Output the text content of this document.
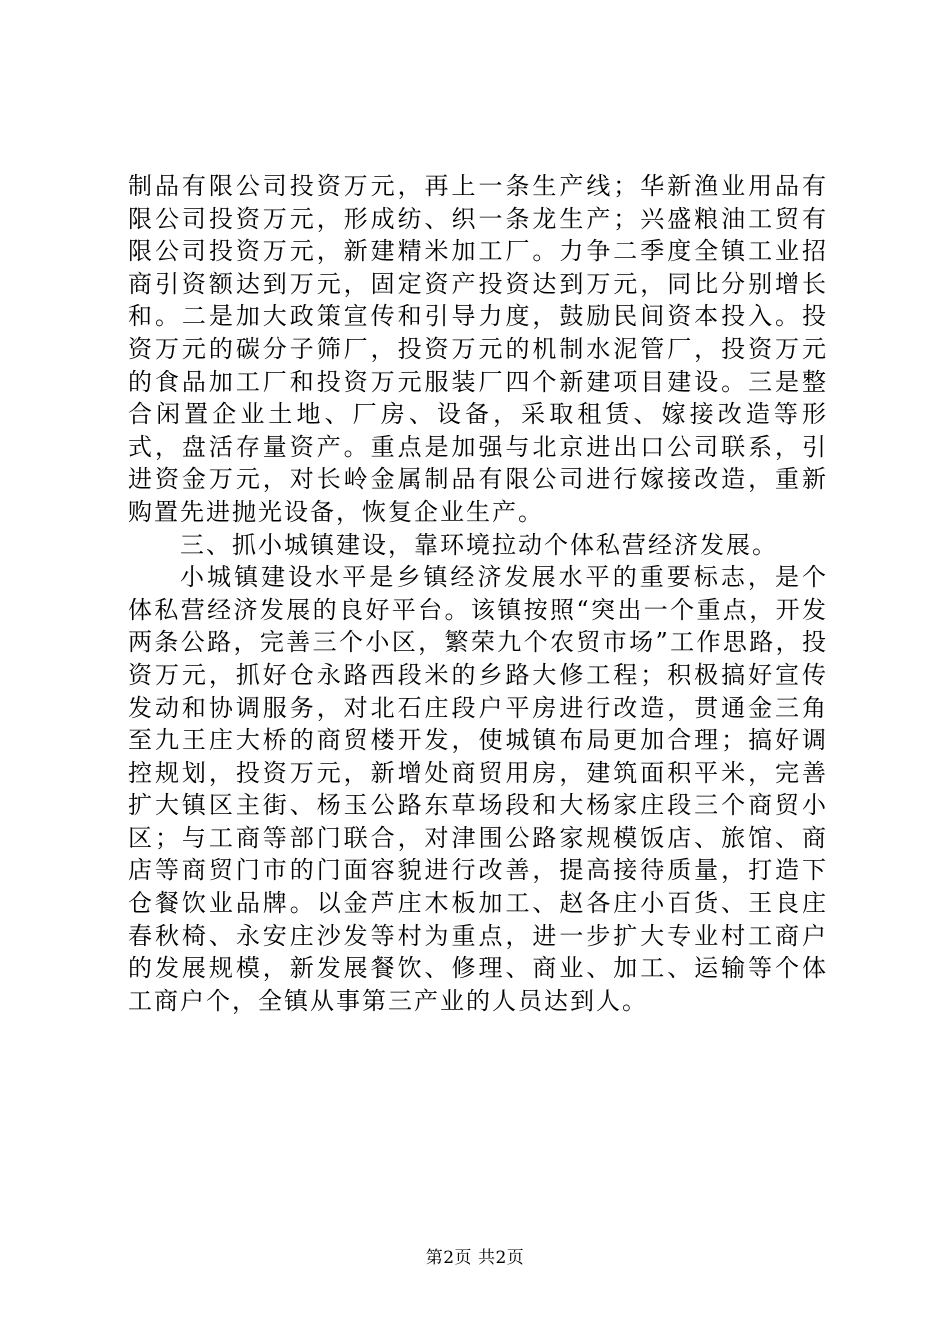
制品有限公司投资万元，再上一条生产线；华新渔业用品有限公司投资万元，形成纺、织一条龙生产；兴盛粮油工贸有限公司投资万元，新建精米加工厂。力争二季度全镇工业招商引资额达到万元，固定资产投资达到万元，同比分别增长和。二是加大政策宣传和引导力度，鼓励民间资本投入。投资万元的碳分子筛厂，投资万元的机制水泥管厂，投资万元的食品加工厂和投资万元服装厂四个新建项目建设。三是整合闲置企业土地、厂房、设备，采取租赁、嫁接改造等形式，盘活存量资产。重点是加强与北京进出口公司联系，引进资金万元，对长岭金属制品有限公司进行嫁接改造，重新购置先进抛光设备，恢复企业生产。

三、抓小城镇建设，靠环境拉动个体私营经济发展。

小城镇建设水平是乡镇经济发展水平的重要标志，是个体私营经济发展的良好平台。该镇按照“突出一个重点，开发两条公路，完善三个小区，繁荣九个农贸市场”工作思路，投资万元，抓好仓永路西段米的乡路大修工程；积极搞好宣传发动和协调服务，对北石庄段户平房进行改造，贯通金三角至九王庄大桥的商贸楼开发，使城镇布局更加合理；搞好调控规划，投资万元，新增处商贸用房，建筑面积平米，完善扩大镇区主街、杨玉公路东草场段和大杨家庄段三个商贸小区；与工商等部门联合，对津围公路家规模饭店、旅馆、商店等商贸门市的门面容貌进行改善，提高接待质量，打造下仓餐饮业品牌。以金芦庄木板加工、赵各庄小百货、王良庄春秋椅、永安庄沙发等村为重点，进一步扩大专业村工商户的发展规模，新发展餐饮、修理、商业、加工、运输等个体工商户个，全镇从事第三产业的人员达到人。

第2页 共2页
